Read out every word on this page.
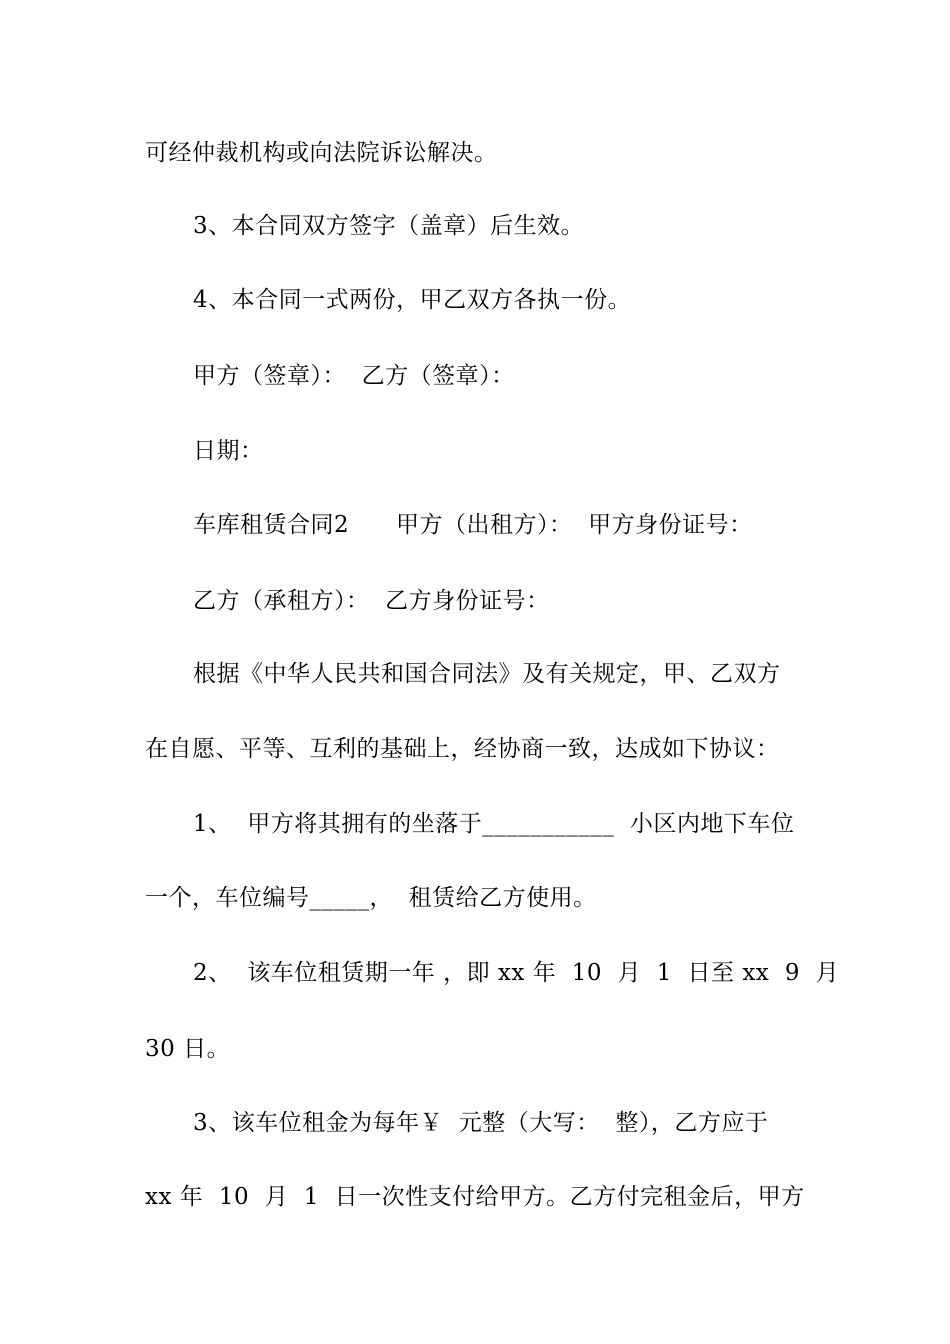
可经仲裁机构或向法院诉讼解决。
3、本合同双方签字（盖章）后生效。
4、本合同一式两份，甲乙双方各执一份。
甲方（签章）：  乙方（签章）：
日期：
车库租赁合同2      甲方（出租方）：  甲方身份证号：
乙方（承租方）：  乙方身份证号：
根据《中华人民共和国合同法》及有关规定，甲、乙双方
在自愿、平等、互利的基础上，经协商一致，达成如下协议：
1、  甲方将其拥有的坐落于___________  小区内地下车位
一个，车位编号_____，  租赁给乙方使用。
2、  该车位租赁期一年 ，即 xx 年  10  月  1  日至 xx  9  月
30 日。
3、该车位租金为每年￥  元整（大写：  整），乙方应于
xx 年  10  月  1  日一次性支付给甲方。乙方付完租金后，甲方
